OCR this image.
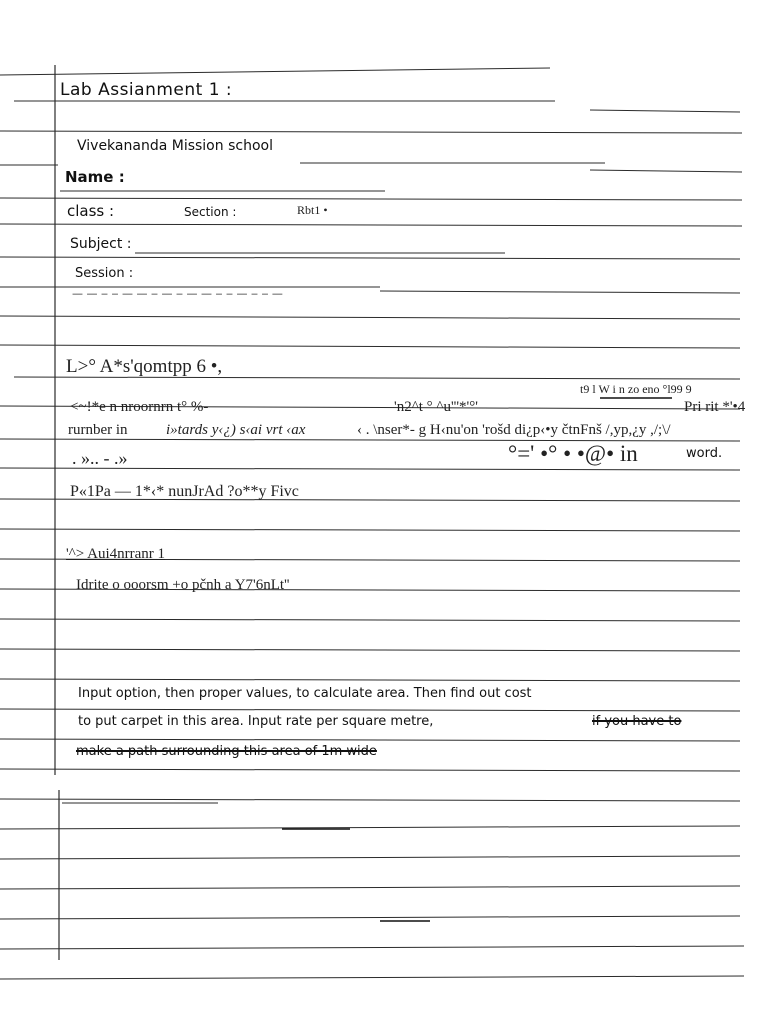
Lab Assianment 1 :
Vivekananda Mission school
Name :
class :	Section :	Rbt1 •
Subject :
Session :
— — ‒ ‒ — — ‒ — ‒ — — ‒ ‒ — ‒ ‒ —
L>° A*s'qomtpp 6 •,
t9 l W i n zo eno °l99 9
<~!*e n nroornrn t° %-	'n2^t ° ^u'''*'°'	Pri rit *'•4
rurnber in	i»tards y‹¿) s‹ai vrt ‹ax	‹ . \nser*- g H‹nu'on 'rošd di¿p‹•y čtnFnš /,yp,¿y ,/;\/
. ».. - .»	°=' •° • •@• in	word.
P«1Pa — 1*‹* nunJrAd ?o**y Fivc
'^> Aui4nrranr 1
Idrite o ooorsm +o pčnh a Y7'6nLt''
Input option, then proper values, to calculate area. Then find out cost
to put carpet in this area. Input rate per square metre,	if you have to
make a path surrounding this area of 1m wide
